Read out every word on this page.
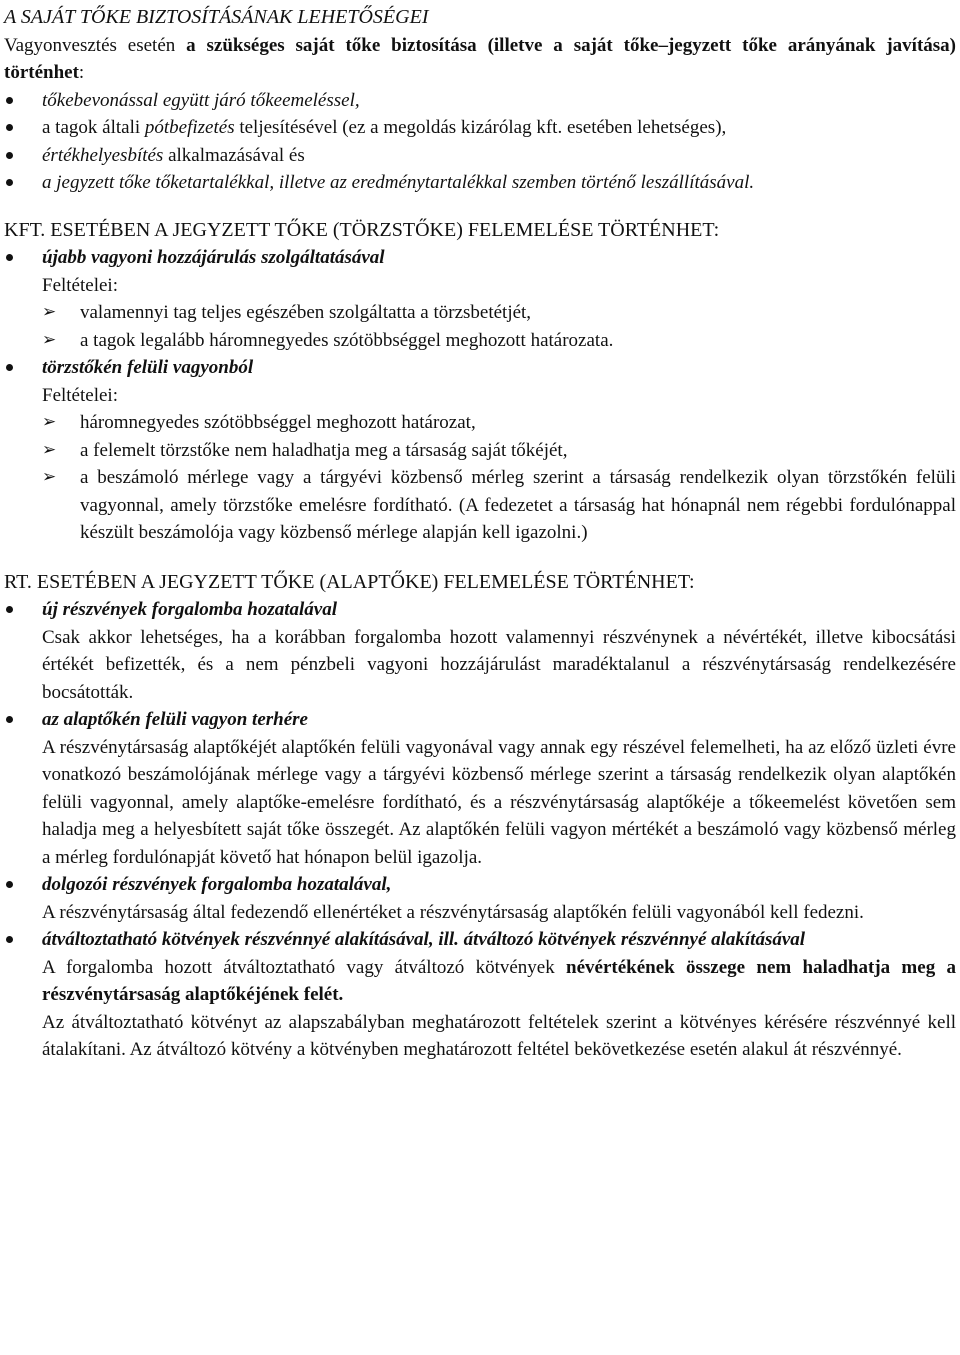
A SAJÁT TŐKE BIZTOSÍTÁSÁNAK LEHETŐSÉGEI
Vagyonvesztés esetén a szükséges saját tőke biztosítása (illetve a saját tőke–jegyzett tőke arányának javítása) történhet:
tőkebevonással együtt járó tőkeemeléssel,
a tagok általi pótbefizetés teljesítésével (ez a megoldás kizárólag kft. esetében lehetséges),
értékhelyesbítés alkalmazásával és
a jegyzett tőke tőketartalékkal, illetve az eredménytartalékkal szemben történő leszállításával.
KFT. ESETÉBEN A JEGYZETT TŐKE (TÖRZSTŐKE) FELEMELÉSE TÖRTÉNHET:
újabb vagyoni hozzájárulás szolgáltatásával
Feltételei:
➢ valamennyi tag teljes egészében szolgáltatta a törzsbetétjét,
➢ a tagok legalább háromnegyedes szótöbbséggel meghozott határozata.
törzstőkén felüli vagyonból
Feltételei:
➢ háromnegyedes szótöbbséggel meghozott határozat,
➢ a felemelt törzstőke nem haladhatja meg a társaság saját tőkéjét,
➢ a beszámoló mérlege vagy a tárgyévi közbenső mérleg szerint a társaság rendelkezik olyan törzstőkén felüli vagyonnal, amely törzstőke emelésre fordítható. (A fedezetet a társaság hat hónapnál nem régebbi fordulónappal készült beszámolója vagy közbenső mérlege alapján kell igazolni.)
RT. ESETÉBEN A JEGYZETT TŐKE (ALAPTŐKE) FELEMELÉSE TÖRTÉNHET:
új részvények forgalomba hozatalával
Csak akkor lehetséges, ha a korábban forgalomba hozott valamennyi részvénynek a névértékét, illetve kibocsátási értékét befizették, és a nem pénzbeli vagyoni hozzájárulást maradéktalanul a részvénytársaság rendelkezésére bocsátották.
az alaptőkén felüli vagyon terhére
A részvénytársaság alaptőkéjét alaptőkén felüli vagyonával vagy annak egy részével felemelheti, ha az előző üzleti évre vonatkozó beszámolójának mérlege vagy a tárgyévi közbenső mérlege szerint a társaság rendelkezik olyan alaptőkén felüli vagyonnal, amely alaptőke-emelésre fordítható, és a részvénytársaság alaptőkéje a tőkeemelést követően sem haladja meg a helyesbített saját tőke összegét. Az alaptőkén felüli vagyon mértékét a beszámoló vagy közbenső mérleg a mérleg fordulónapját követő hat hónapon belül igazolja.
dolgozói részvények forgalomba hozatalával,
A részvénytársaság által fedezendő ellenértéket a részvénytársaság alaptőkén felüli vagyonából kell fedezni.
átváltoztatható kötvények részvénnyé alakításával, ill. átváltozó kötvények részvénnyé alakításával
A forgalomba hozott átváltoztatható vagy átváltozó kötvények névértékének összege nem haladhatja meg a részvénytársaság alaptőkéjének felét.
Az átváltoztatható kötvényt az alapszabályban meghatározott feltételek szerint a kötvényes kérésére részvénnyé kell átalakítani. Az átváltozó kötvény a kötvényben meghatározott feltétel bekövetkezése esetén alakul át részvénnyé.
